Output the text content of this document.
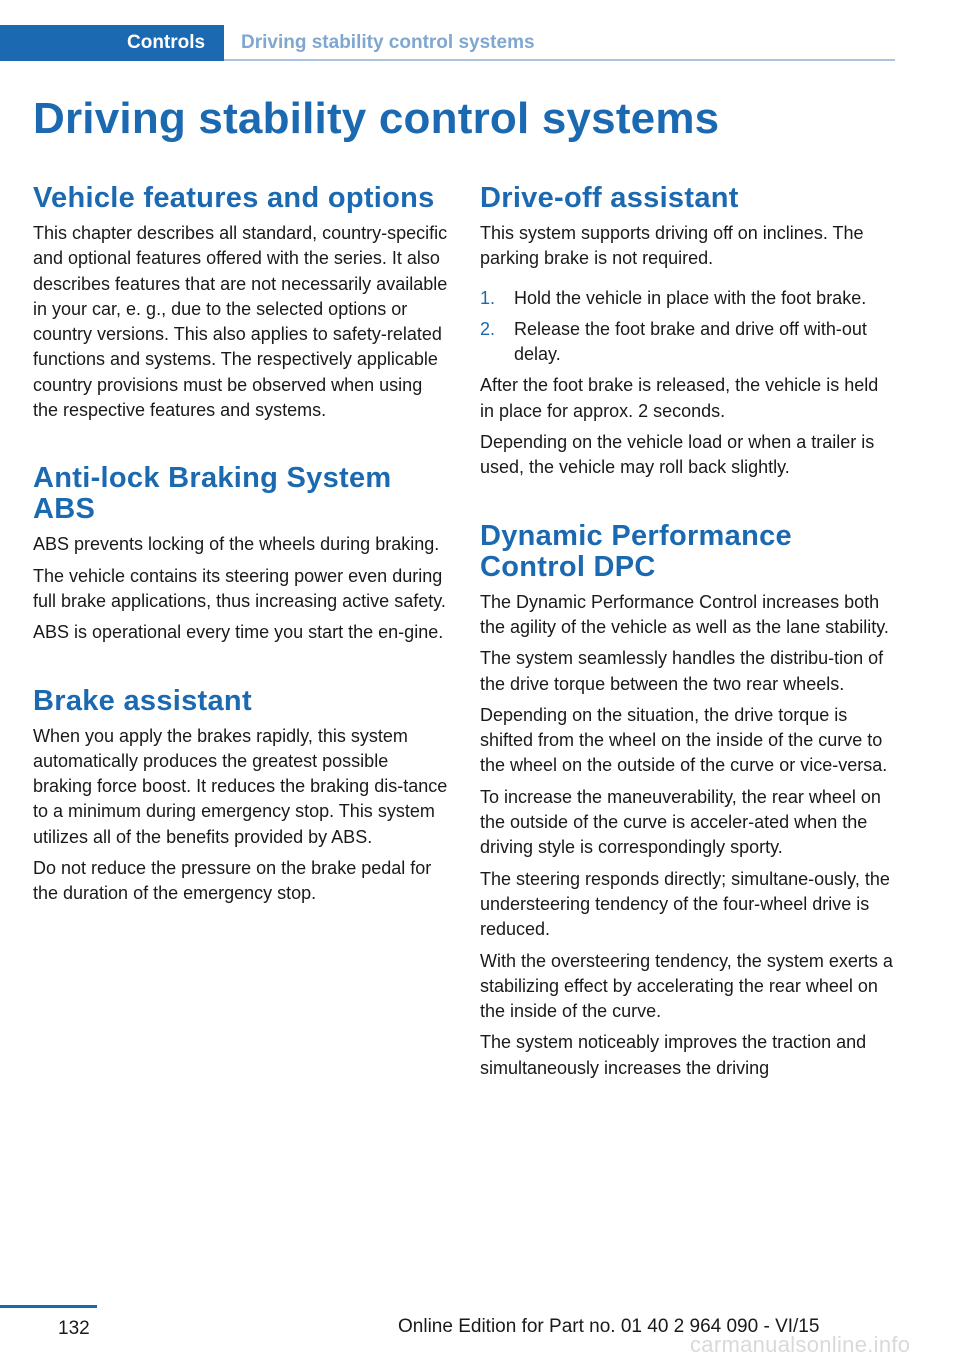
Controls	Driving stability control systems
Driving stability control systems
Vehicle features and options

This chapter describes all standard, country-specific and optional features offered with the series. It also describes features that are not necessarily available in your car, e. g., due to the selected options or country versions. This also applies to safety-related functions and systems. The respectively applicable country provisions must be observed when using the respective features and systems.

Anti-lock Braking System ABS

ABS prevents locking of the wheels during braking.

The vehicle contains its steering power even during full brake applications, thus increasing active safety.

ABS is operational every time you start the en-gine.

Brake assistant

When you apply the brakes rapidly, this system automatically produces the greatest possible braking force boost. It reduces the braking dis-tance to a minimum during emergency stop. This system utilizes all of the benefits provided by ABS.

Do not reduce the pressure on the brake pedal for the duration of the emergency stop.

Drive-off assistant

This system supports driving off on inclines. The parking brake is not required.

1. Hold the vehicle in place with the foot brake.
2. Release the foot brake and drive off with-out delay.

After the foot brake is released, the vehicle is held in place for approx. 2 seconds.

Depending on the vehicle load or when a trailer is used, the vehicle may roll back slightly.

Dynamic Performance Control DPC

The Dynamic Performance Control increases both the agility of the vehicle as well as the lane stability.

The system seamlessly handles the distribu-tion of the drive torque between the two rear wheels.

Depending on the situation, the drive torque is shifted from the wheel on the inside of the curve to the wheel on the outside of the curve or vice-versa.

To increase the maneuverability, the rear wheel on the outside of the curve is acceler-ated when the driving style is correspondingly sporty.

The steering responds directly; simultane-ously, the understeering tendency of the four-wheel drive is reduced.

With the oversteering tendency, the system exerts a stabilizing effect by accelerating the rear wheel on the inside of the curve.

The system noticeably improves the traction and simultaneously increases the driving

132	Online Edition for Part no. 01 40 2 964 090 - VI/15
carmanualsonline.info
